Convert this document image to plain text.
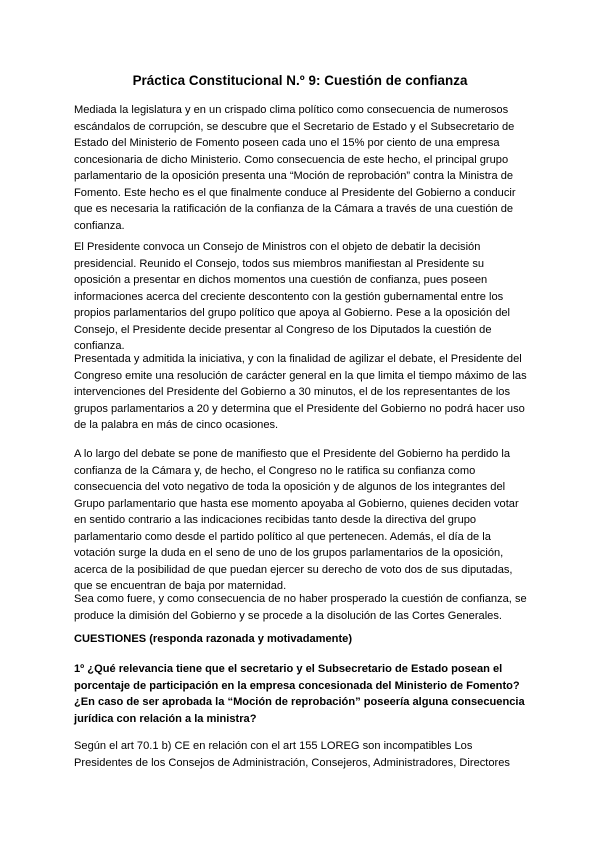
Práctica Constitucional N.º 9: Cuestión de confianza

Mediada la legislatura y en un crispado clima político como consecuencia de numerosos escándalos de corrupción, se descubre que el Secretario de Estado y el Subsecretario de Estado del Ministerio de Fomento poseen cada uno el 15% por ciento de una empresa concesionaria de dicho Ministerio. Como consecuencia de este hecho, el principal grupo parlamentario de la oposición presenta una “Moción de reprobación” contra la Ministra de Fomento. Este hecho es el que finalmente conduce al Presidente del Gobierno a conducir que es necesaria la ratificación de la confianza de la Cámara a través de una cuestión de confianza.

El Presidente convoca un Consejo de Ministros con el objeto de debatir la decisión presidencial. Reunido el Consejo, todos sus miembros manifiestan al Presidente su oposición a presentar en dichos momentos una cuestión de confianza, pues poseen informaciones acerca del creciente descontento con la gestión gubernamental entre los propios parlamentarios del grupo político que apoya al Gobierno. Pese a la oposición del Consejo, el Presidente decide presentar al Congreso de los Diputados la cuestión de confianza.

Presentada y admitida la iniciativa, y con la finalidad de agilizar el debate, el Presidente del Congreso emite una resolución de carácter general en la que limita el tiempo máximo de las intervenciones del Presidente del Gobierno a 30 minutos, el de los representantes de los grupos parlamentarios a 20 y determina que el Presidente del Gobierno no podrá hacer uso de la palabra en más de cinco ocasiones.

A lo largo del debate se pone de manifiesto que el Presidente del Gobierno ha perdido la confianza de la Cámara y, de hecho, el Congreso no le ratifica su confianza como consecuencia del voto negativo de toda la oposición y de algunos de los integrantes del Grupo parlamentario que hasta ese momento apoyaba al Gobierno, quienes deciden votar en sentido contrario a las indicaciones recibidas tanto desde la directiva del grupo parlamentario como desde el partido político al que pertenecen. Además, el día de la votación surge la duda en el seno de uno de los grupos parlamentarios de la oposición, acerca de la posibilidad de que puedan ejercer su derecho de voto dos de sus diputadas, que se encuentran de baja por maternidad.

Sea como fuere, y como consecuencia de no haber prosperado la cuestión de confianza, se produce la dimisión del Gobierno y se procede a la disolución de las Cortes Generales.

CUESTIONES (responda razonada y motivadamente)

1º ¿Qué relevancia tiene que el secretario y el Subsecretario de Estado posean el porcentaje de participación en la empresa concesionada del Ministerio de Fomento? ¿En caso de ser aprobada la “Moción de reprobación” poseería alguna consecuencia jurídica con relación a la ministra?

Según el art 70.1 b) CE en relación con el art 155 LOREG son incompatibles Los Presidentes de los Consejos de Administración, Consejeros, Administradores, Directores
